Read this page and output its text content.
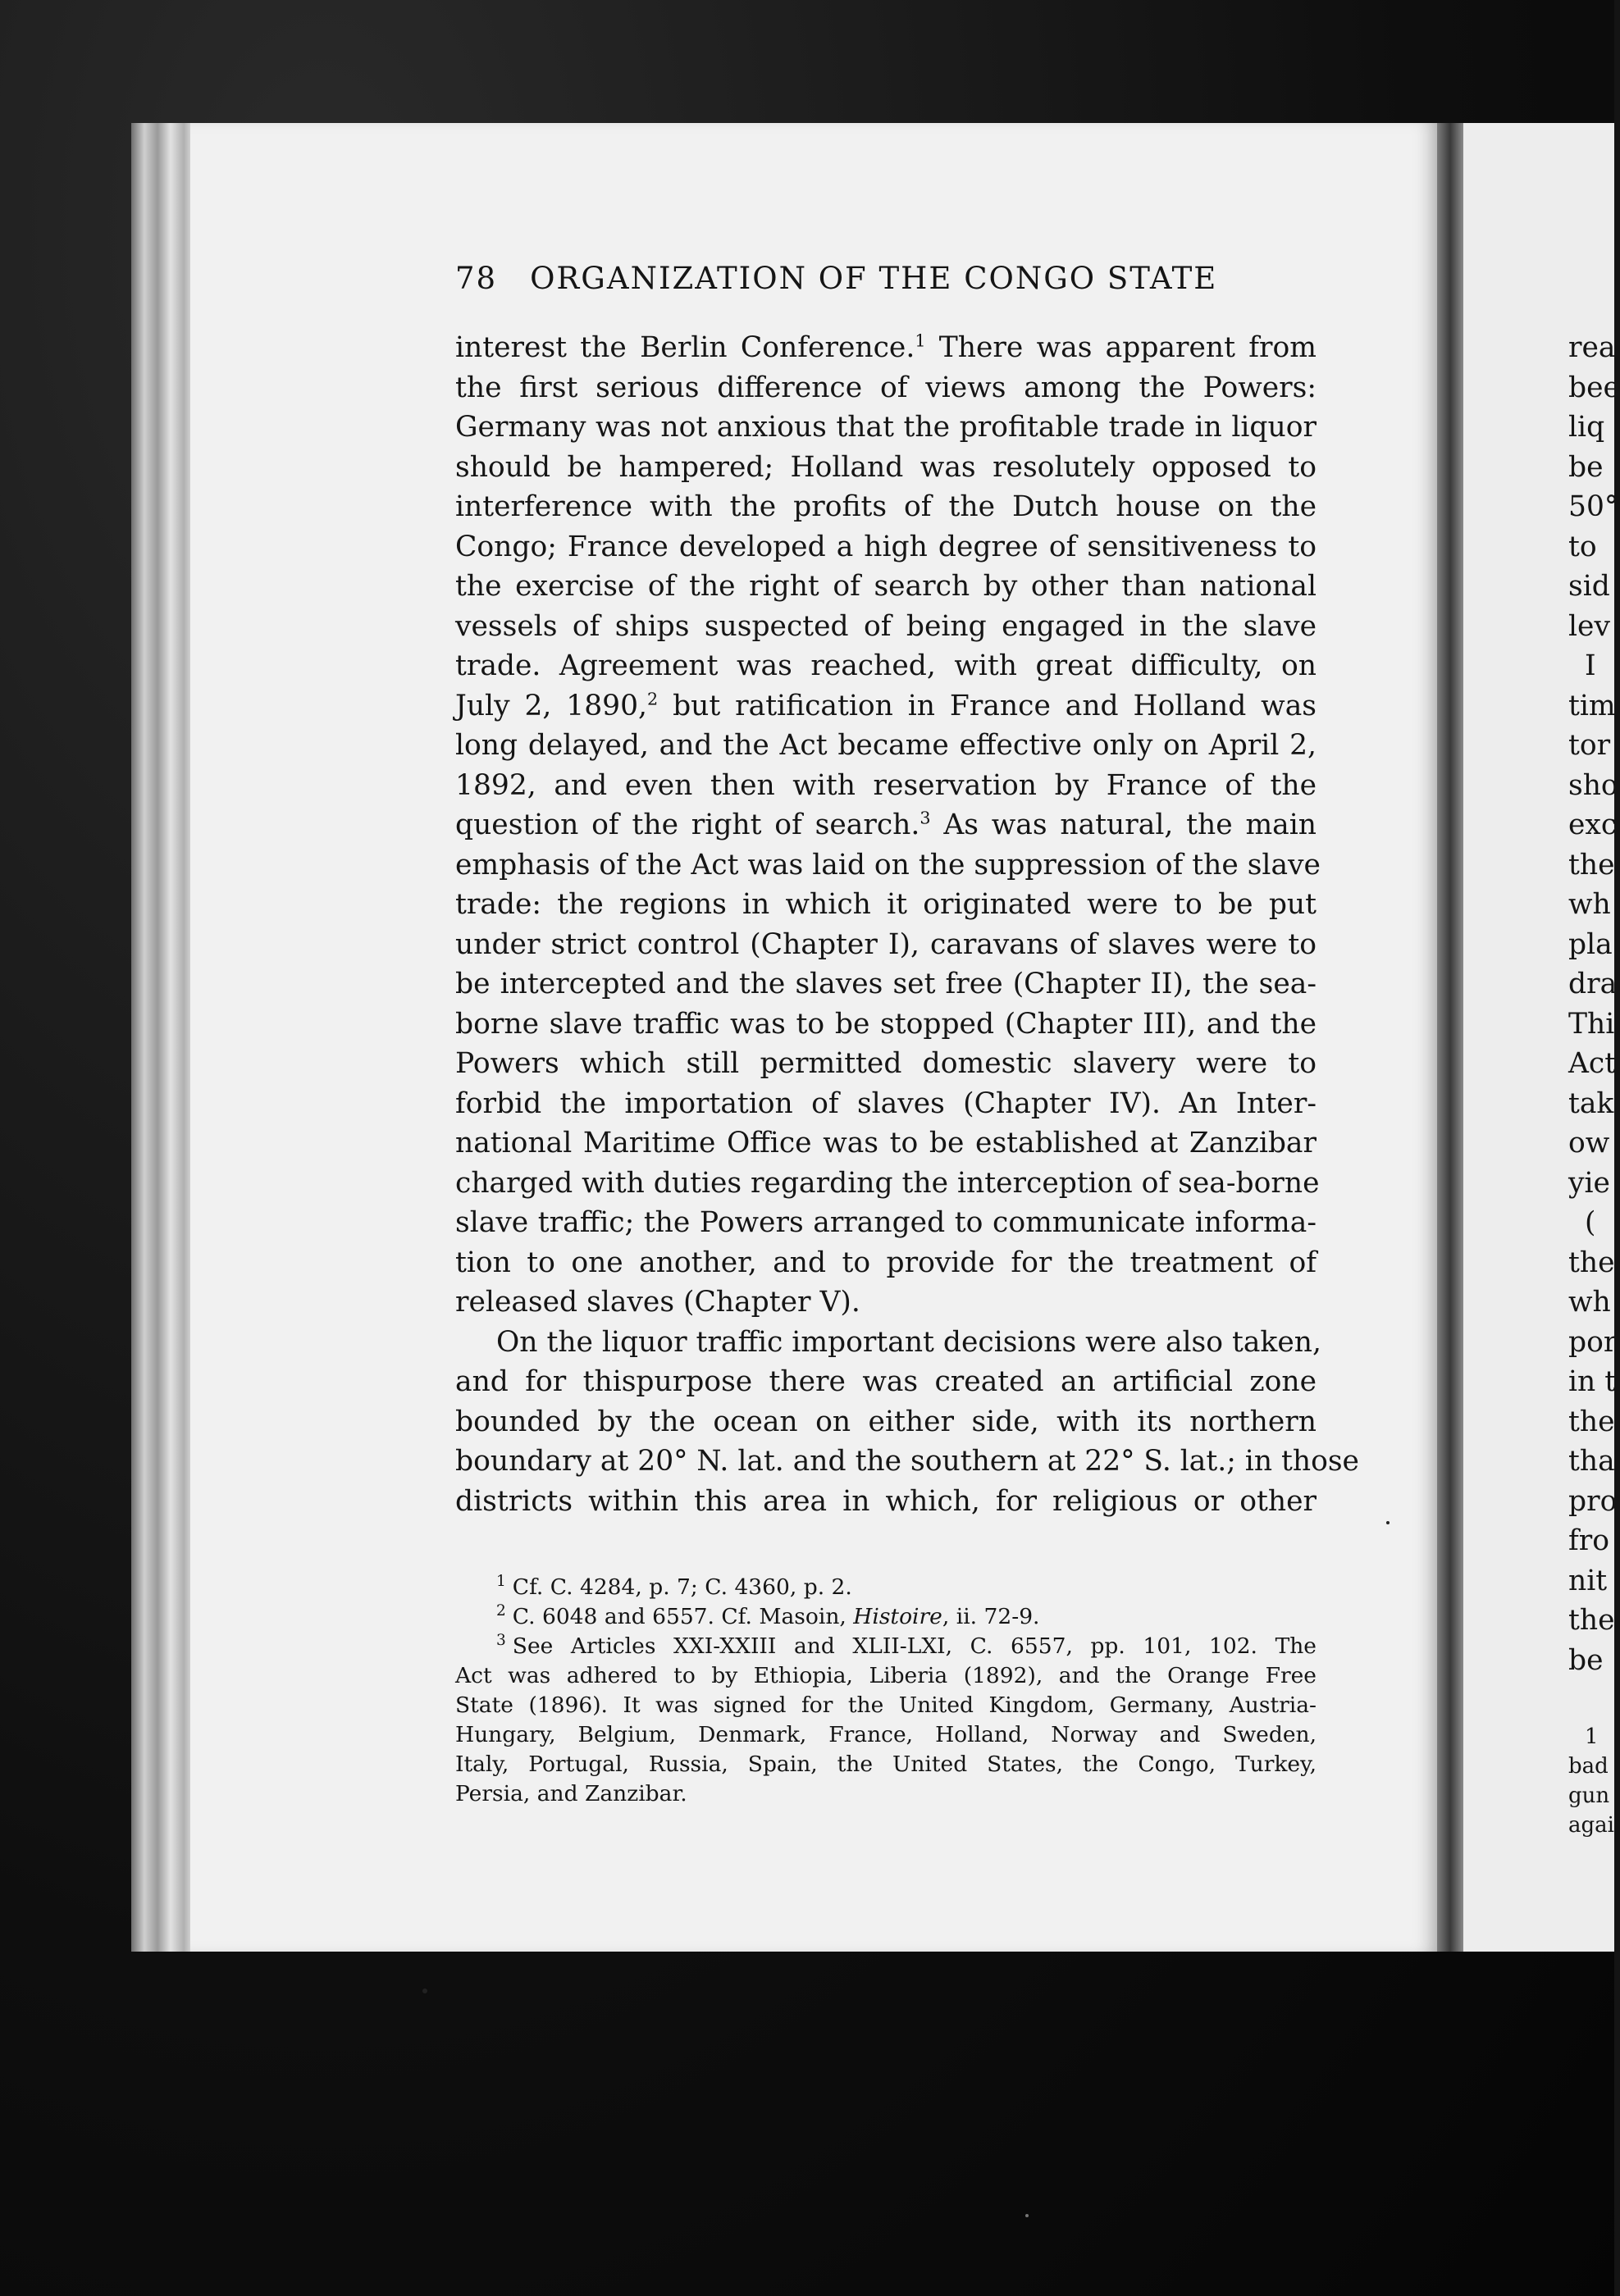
78 ORGANIZATION OF THE CONGO STATE
interest the Berlin Conference.$^1$ There was apparent from
the first serious difference of views among the Powers:
Germany was not anxious that the profitable trade in liquor
should be hampered; Holland was resolutely opposed to
interference with the profits of the Dutch house on the
Congo; France developed a high degree of sensitiveness to
the exercise of the right of search by other than national
vessels of ships suspected of being engaged in the slave
trade. Agreement was reached, with great difficulty, on
July 2, 1890,$^2$ but ratification in France and Holland was
long delayed, and the Act became effective only on April 2,
1892, and even then with reservation by France of the
question of the right of search.$^3$ As was natural, the main
emphasis of the Act was laid on the suppression of the slave
trade: the regions in which it originated were to be put
under strict control (Chapter I), caravans of slaves were to
be intercepted and the slaves set free (Chapter II), the sea-
borne slave traffic was to be stopped (Chapter III), and the
Powers which still permitted domestic slavery were to
forbid the importation of slaves (Chapter IV). An Inter-
national Maritime Office was to be established at Zanzibar
charged with duties regarding the interception of sea-borne
slave traffic; the Powers arranged to communicate informa-
tion to one another, and to provide for the treatment of
released slaves (Chapter V).
On the liquor traffic important decisions were also taken,
and for thispurpose there was created an artificial zone
bounded by the ocean on either side, with its northern
boundary at 20° N. lat. and the southern at 22° S. lat.; in those
districts within this area in which, for religious or other
$^1$ Cf. C. 4284, p. 7; C. 4360, p. 2.
$^2$ C. 6048 and 6557. Cf. Masoin, Histoire, ii. 72-9.
$^3$ See Articles XXI-XXIII and XLII-LXI, C. 6557, pp. 101, 102. The
Act was adhered to by Ethiopia, Liberia (1892), and the Orange Free
State (1896). It was signed for the United Kingdom, Germany, Austria-
Hungary, Belgium, Denmark, France, Holland, Norway and Sweden,
Italy, Portugal, Russia, Spain, the United States, the Congo, Turkey,
Persia, and Zanzibar.
rea
bee
liq
be
50°
to
sid
lev
I
tim
tor
sho
exc
the
wh
pla
dra
Thi
Act
tak
ow
yie
(
the
wh
por
in t
the
tha
pro
fro
nit
the
be
1
bad
gun
agai
